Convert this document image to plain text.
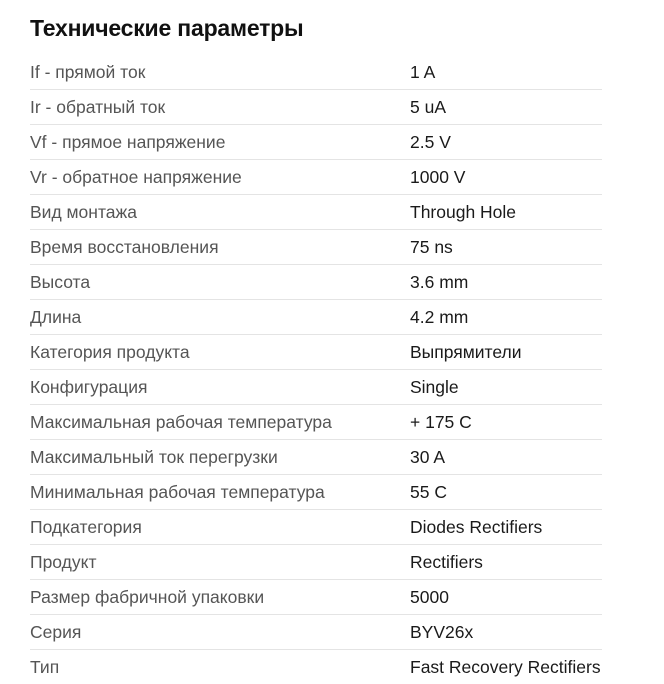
Технические параметры
If - прямой ток	1 A
Ir - обратный ток	5 uA
Vf - прямое напряжение	2.5 V
Vr - обратное напряжение	1000 V
Вид монтажа	Through Hole
Время восстановления	75 ns
Высота	3.6 mm
Длина	4.2 mm
Категория продукта	Выпрямители
Конфигурация	Single
Максимальная рабочая температура	+ 175 C
Максимальный ток перегрузки	30 A
Минимальная рабочая температура	55 C
Подкатегория	Diodes Rectifiers
Продукт	Rectifiers
Размер фабричной упаковки	5000
Серия	BYV26x
Тип	Fast Recovery Rectifiers
